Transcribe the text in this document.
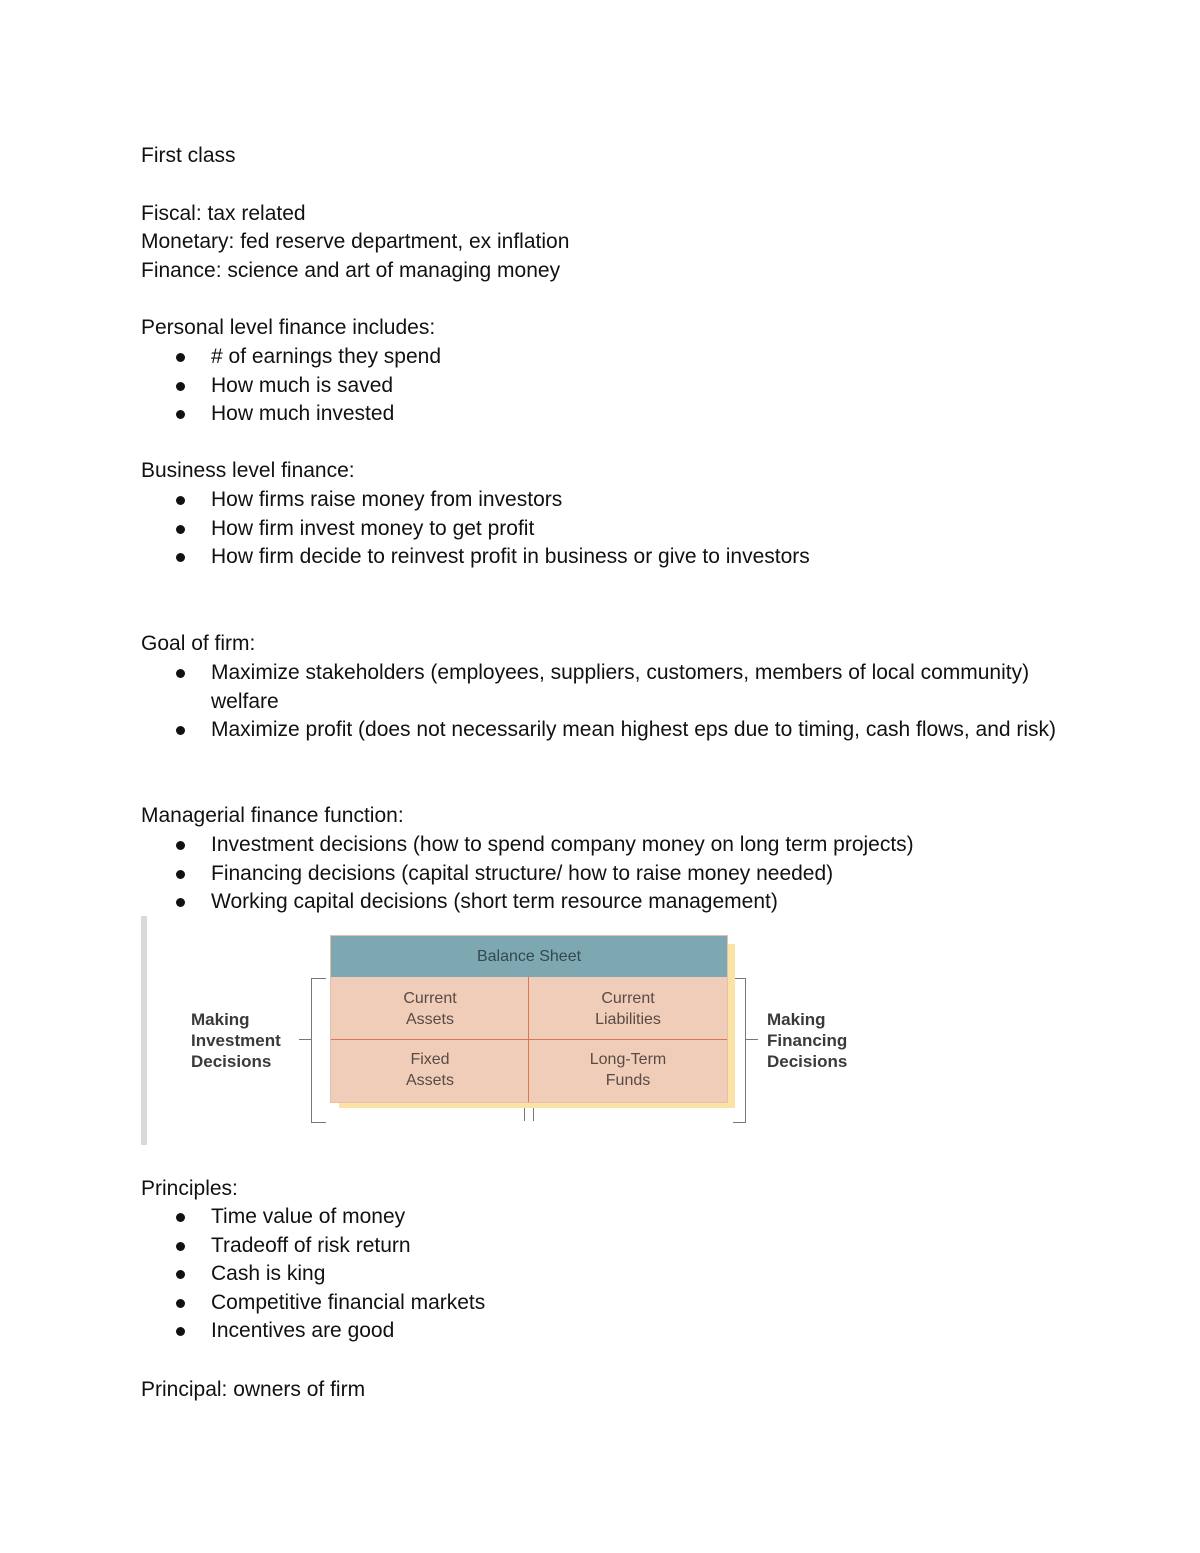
First class
Fiscal: tax related
Monetary: fed reserve department, ex inflation
Finance: science and art of managing money
Personal level finance includes:
# of earnings they spend
How much is saved
How much invested
Business level finance:
How firms raise money from investors
How firm invest money to get profit
How firm decide to reinvest profit in business or give to investors
Goal of firm:
Maximize stakeholders (employees, suppliers, customers, members of local community) welfare
Maximize profit (does not necessarily mean highest eps due to timing, cash flows, and risk)
Managerial finance function:
Investment decisions (how to spend company money on long term projects)
Financing decisions (capital structure/ how to raise money needed)
Working capital decisions (short term resource management)
Making
Investment
Decisions
Balance Sheet
Current
Assets
Current
Liabilities
Fixed
Assets
Long-Term
Funds
Making
Financing
Decisions
Principles:
Time value of money
Tradeoff of risk return
Cash is king
Competitive financial markets
Incentives are good
Principal: owners of firm
